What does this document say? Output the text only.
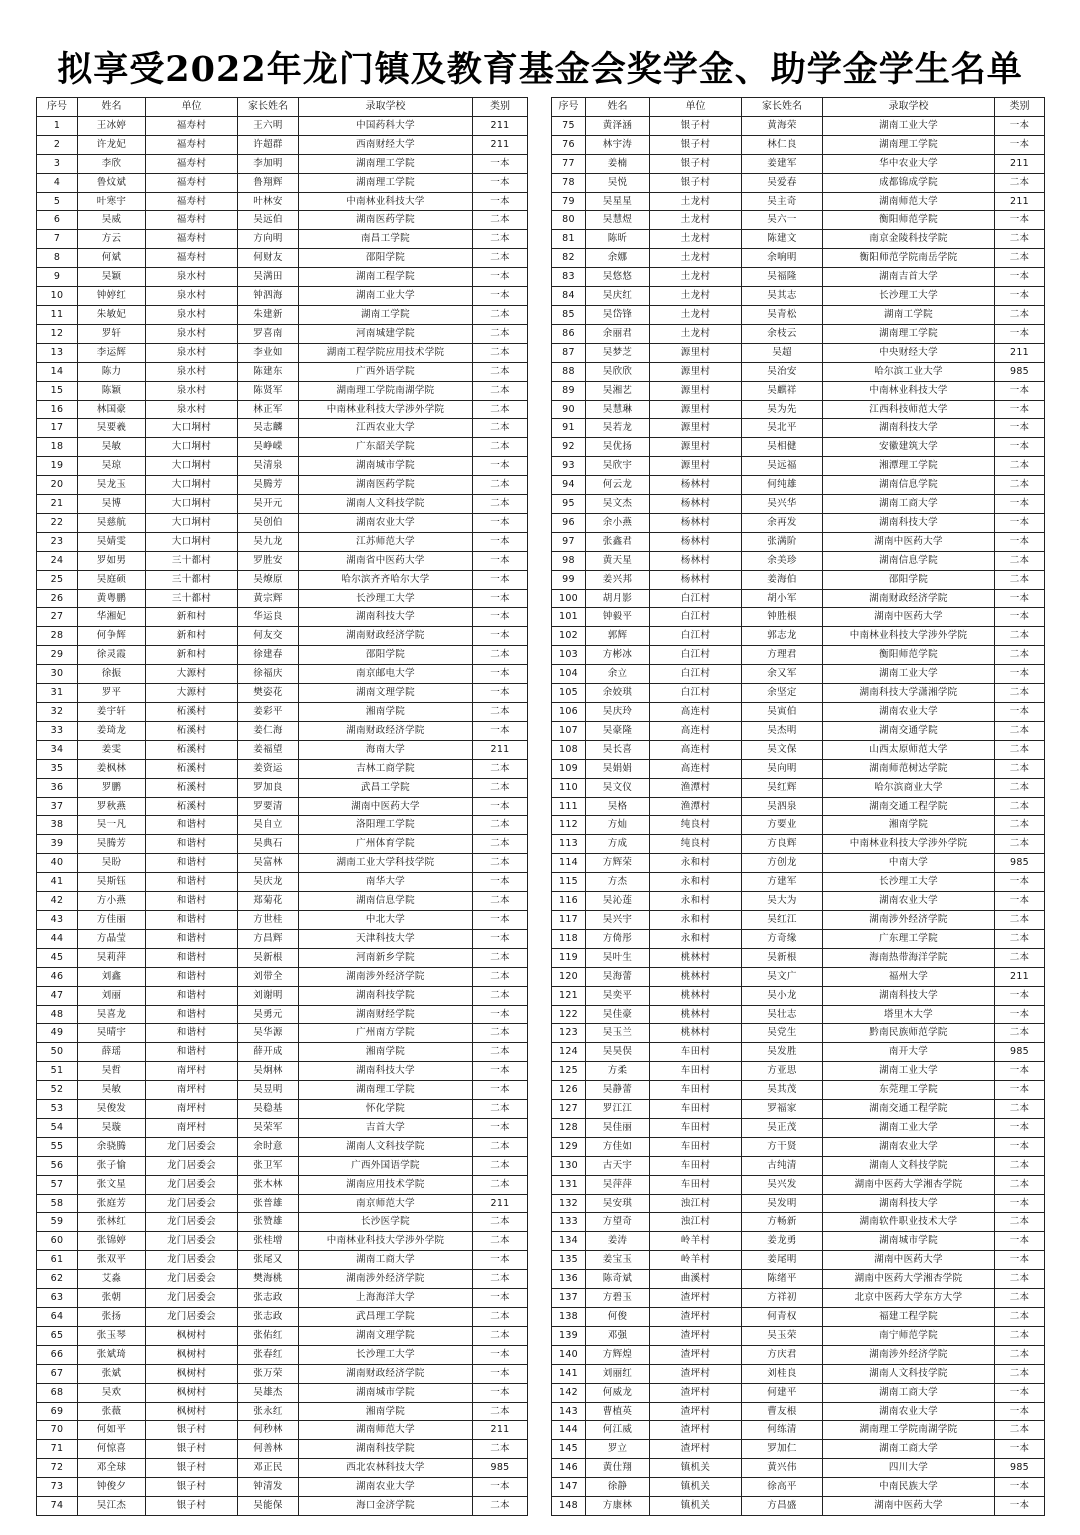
拟享受2022年龙门镇及教育基金会奖学金、助学金学生名单
序号	姓名	单位	家长姓名	录取学校	类别
1	王冰婷	福寿村	王六明	中国药科大学	211
2	许龙妃	福寿村	许超群	西南财经大学	211
3	李欣	福寿村	李加明	湖南理工学院	一本
4	鲁炆斌	福寿村	鲁翔辉	湖南理工学院	一本
5	叶寒宇	福寿村	叶林安	中南林业科技大学	一本
6	吴威	福寿村	吴远伯	湖南医药学院	二本
7	方云	福寿村	方向明	南昌工学院	二本
8	何斌	福寿村	何财友	邵阳学院	二本
9	吴颖	泉水村	吴满田	湖南工程学院	一本
10	钟婷红	泉水村	钟泗海	湖南工业大学	一本
11	朱敏妃	泉水村	朱建新	湖南工学院	二本
12	罗轩	泉水村	罗喜南	河南城建学院	二本
13	李运辉	泉水村	李业如	湖南工程学院应用技术学院	二本
14	陈力	泉水村	陈建东	广西外语学院	二本
15	陈颖	泉水村	陈贤军	湖南理工学院南湖学院	二本
16	林国豪	泉水村	林正军	中南林业科技大学涉外学院	二本
17	吴要羲	大口垌村	吴志麟	江西农业大学	二本
18	吴敏	大口垌村	吴峥嵘	广东韶关学院	二本
19	吴琼	大口垌村	吴清泉	湖南城市学院	一本
20	吴龙玉	大口垌村	吴腾芳	湖南医药学院	二本
21	吴博	大口垌村	吴开元	湖南人文科技学院	二本
22	吴慈航	大口垌村	吴创伯	湖南农业大学	一本
23	吴婧雯	大口垌村	吴九龙	江苏师范大学	一本
24	罗如男	三十都村	罗胜安	湖南省中医药大学	一本
25	吴庭硕	三十都村	吴燎原	哈尔滨齐齐哈尔大学	一本
26	黄粤鹏	三十都村	黄宗辉	长沙理工大学	一本
27	华湘妃	新和村	华运良	湖南科技大学	一本
28	何争辉	新和村	何友交	湖南财政经济学院	一本
29	徐灵霞	新和村	徐建春	邵阳学院	二本
30	徐振	大源村	徐福庆	南京邮电大学	一本
31	罗平	大源村	樊姿花	湖南文理学院	一本
32	姜宇轩	柘溪村	姜彩平	湘南学院	二本
33	姜琦龙	柘溪村	姜仁海	湖南财政经济学院	一本
34	姜雯	柘溪村	姜福望	海南大学	211
35	姜枫林	柘溪村	姜资运	吉林工商学院	二本
36	罗鹏	柘溪村	罗加良	武昌工学院	二本
37	罗秋燕	柘溪村	罗要清	湖南中医药大学	一本
38	吴一凡	和谐村	吴自立	洛阳理工学院	二本
39	吴腾芳	和谐村	吴典石	广州体育学院	二本
40	吴盼	和谐村	吴富林	湖南工业大学科技学院	二本
41	吴斯钰	和谐村	吴庆龙	南华大学	一本
42	方小燕	和谐村	郑菊花	湖南信息学院	二本
43	方佳丽	和谐村	方世桂	中北大学	一本
44	方晶莹	和谐村	方昌辉	天津科技大学	一本
45	吴莉萍	和谐村	吴新根	河南新乡学院	二本
46	刘鑫	和谐村	刘带全	湖南涉外经济学院	二本
47	刘丽	和谐村	刘谢明	湖南科技学院	二本
48	吴喜龙	和谐村	吴勇元	湖南财经学院	一本
49	吴晴宇	和谐村	吴华源	广州南方学院	二本
50	薛瑶	和谐村	薛开成	湘南学院	二本
51	吴哲	南坪村	吴炯林	湖南科技大学	一本
52	吴敏	南坪村	吴昱明	湖南理工学院	一本
53	吴俊发	南坪村	吴稳基	怀化学院	二本
54	吴璇	南坪村	吴荣军	吉首大学	一本
55	余骁腾	龙门居委会	余时意	湖南人文科技学院	二本
56	张子愉	龙门居委会	张卫军	广西外国语学院	二本
57	张文星	龙门居委会	张木林	湖南应用技术学院	二本
58	张庭芳	龙门居委会	张普雄	南京师范大学	211
59	张林红	龙门居委会	张赞雄	长沙医学院	二本
60	张锦婷	龙门居委会	张桂增	中南林业科技大学涉外学院	二本
61	张双平	龙门居委会	张尾又	湖南工商大学	一本
62	艾淼	龙门居委会	樊海桃	湖南涉外经济学院	二本
63	张朝	龙门居委会	张志政	上海海洋大学	一本
64	张扬	龙门居委会	张志政	武昌理工学院	二本
65	张玉琴	枫树村	张佑红	湖南文理学院	二本
66	张斌琦	枫树村	张春红	长沙理工大学	一本
67	张斌	枫树村	张万荣	湖南财政经济学院	一本
68	吴欢	枫树村	吴雄杰	湖南城市学院	一本
69	张薇	枫树村	张永红	湘南学院	二本
70	何如平	银子村	何秒林	湖南师范大学	211
71	何惊喜	银子村	何善林	湖南科技学院	二本
72	邓全球	银子村	邓正民	西北农林科技大学	985
73	钟俊夕	银子村	钟清发	湖南农业大学	一本
74	吴江杰	银子村	吴能保	海口金济学院	二本
序号	姓名	单位	家长姓名	录取学校	类别
75	黄泽涵	银子村	黄海荣	湖南工业大学	一本
76	林宇涛	银子村	林仁良	湖南理工学院	一本
77	姜楠	银子村	姜建军	华中农业大学	211
78	吴悦	银子村	吴爱春	成都锦成学院	二本
79	吴星星	土龙村	吴主奇	湖南师范大学	211
80	吴慧煜	土龙村	吴六一	衡阳师范学院	一本
81	陈昕	土龙村	陈建文	南京金陵科技学院	二本
82	余娜	土龙村	余响明	衡阳师范学院南岳学院	二本
83	吴悠悠	土龙村	吴福隆	湖南吉首大学	一本
84	吴庆红	土龙村	吴其志	长沙理工大学	一本
85	吴岱锋	土龙村	吴青松	湖南工学院	二本
86	余丽君	土龙村	余枝云	湖南理工学院	一本
87	吴梦芝	源里村	吴超	中央财经大学	211
88	吴欣欣	源里村	吴治安	哈尔滨工业大学	985
89	吴湘艺	源里村	吴麒祥	中南林业科技大学	一本
90	吴慧琳	源里村	吴为先	江西科技师范大学	一本
91	吴若龙	源里村	吴北平	湖南科技大学	一本
92	吴优扬	源里村	吴相健	安徽建筑大学	一本
93	吴欣宇	源里村	吴远福	湘潭理工学院	二本
94	何云龙	杨林村	何纯雄	湖南信息学院	二本
95	吴文杰	杨林村	吴兴华	湖南工商大学	一本
96	余小燕	杨林村	余再发	湖南科技大学	一本
97	张鑫君	杨林村	张满阶	湖南中医药大学	一本
98	黄天星	杨林村	余美珍	湖南信息学院	二本
99	姜兴邦	杨林村	姜海伯	邵阳学院	二本
100	胡月影	白江村	胡小军	湖南财政经济学院	一本
101	钟毅平	白江村	钟胜根	湖南中医药大学	一本
102	郭辉	白江村	郭志龙	中南林业科技大学涉外学院	二本
103	方彬冰	白江村	方理君	衡阳师范学院	二本
104	余立	白江村	余又军	湖南工业大学	一本
105	余姣琪	白江村	余坚定	湖南科技大学潇湘学院	二本
106	吴庆玲	高连村	吴寅伯	湖南农业大学	一本
107	吴豪隆	高连村	吴杰明	湖南交通学院	二本
108	吴长喜	高连村	吴文保	山西太原师范大学	二本
109	吴娟娟	高连村	吴向明	湖南师范树达学院	二本
110	吴文仪	渔潭村	吴红辉	哈尔滨商业大学	二本
111	吴格	渔潭村	吴泗泉	湖南交通工程学院	二本
112	方灿	纯良村	方要业	湘南学院	二本
113	方成	纯良村	方良辉	中南林业科技大学涉外学院	二本
114	方辉荣	永和村	方创龙	中南大学	985
115	方杰	永和村	方建军	长沙理工大学	一本
116	吴沁莲	永和村	吴大为	湖南农业大学	一本
117	吴兴宇	永和村	吴红江	湖南涉外经济学院	二本
118	方倚彤	永和村	方奇缘	广东理工学院	二本
119	吴叶生	桃林村	吴新根	海南热带海洋学院	二本
120	吴海蕾	桃林村	吴文广	福州大学	211
121	吴奕平	桃林村	吴小龙	湖南科技大学	一本
122	吴佳豪	桃林村	吴壮志	塔里木大学	一本
123	吴玉兰	桃林村	吴党生	黔南民族师范学院	二本
124	吴昊俣	车田村	吴发胜	南开大学	985
125	方柔	车田村	方亚思	湖南工业大学	一本
126	吴静蕾	车田村	吴其茂	东莞理工学院	一本
127	罗江江	车田村	罗福家	湖南交通工程学院	二本
128	吴佳丽	车田村	吴正茂	湖南工业大学	一本
129	方佳如	车田村	方干贤	湖南农业大学	一本
130	古天宇	车田村	古纯清	湖南人文科技学院	二本
131	吴萍萍	车田村	吴兴发	湖南中医药大学湘杏学院	二本
132	吴安琪	浊江村	吴发明	湖南科技大学	一本
133	方望奇	浊江村	方畅新	湖南软件职业技术大学	二本
134	姜涛	岭羊村	姜龙勇	湖南城市学院	一本
135	姜宝玉	岭羊村	姜尾明	湖南中医药大学	一本
136	陈奇斌	曲溪村	陈绪平	湖南中医药大学湘杏学院	二本
137	方碧玉	渣坪村	方祥初	北京中医药大学东方大学	二本
138	何俊	渣坪村	何青权	福建工程学院	二本
139	邓强	渣坪村	吴玉荣	南宁师范学院	二本
140	方辉煌	渣坪村	方庆君	湖南涉外经济学院	二本
141	刘丽红	渣坪村	刘桂良	湖南人文科技学院	二本
142	何威龙	渣坪村	何建平	湖南工商大学	一本
143	曹植英	渣坪村	曹友根	湖南农业大学	一本
144	何江威	渣坪村	何练清	湖南理工学院南湖学院	二本
145	罗立	渣坪村	罗加仁	湖南工商大学	一本
146	黄仕翔	镇机关	黄兴伟	四川大学	985
147	徐静	镇机关	徐高平	中南民族大学	一本
148	方康林	镇机关	方昌盛	湖南中医药大学	一本
